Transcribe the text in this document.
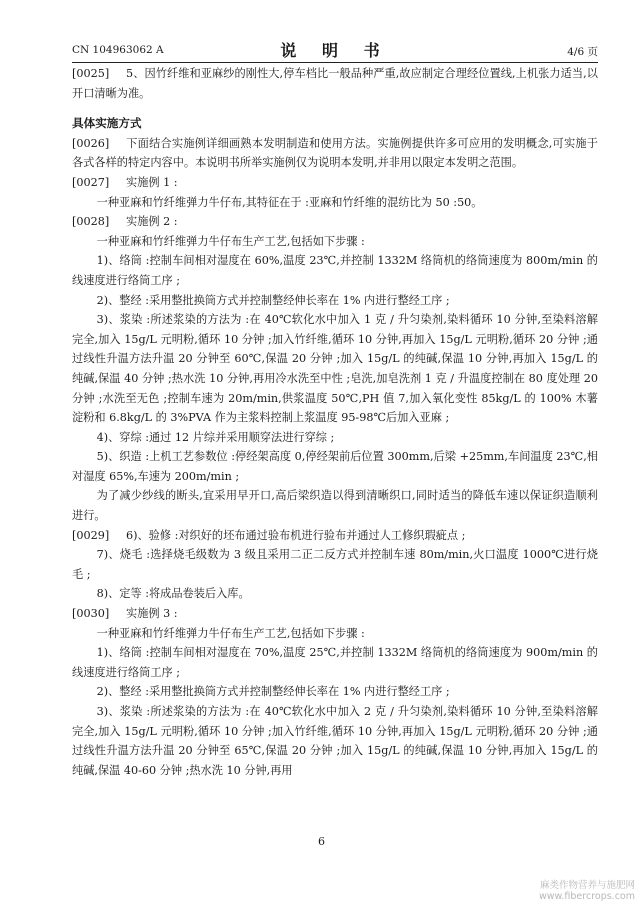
CN 104963062 A	说 明 书	4/6 页

[0025] 5、因竹纤维和亚麻纱的刚性大,停车档比一般品种严重,故应制定合理经位置线,上机张力适当,以开口清晰为准。

具体实施方式

[0026] 下面结合实施例详细画熟本发明制造和使用方法。实施例提供许多可应用的发明概念,可实施于各式各样的特定内容中。本说明书所举实施例仅为说明本发明,并非用以限定本发明之范围。

[0027] 实施例 1 :

一种亚麻和竹纤维弹力牛仔布,其特征在于 :亚麻和竹纤维的混纺比为 50 :50。

[0028] 实施例 2 :

一种亚麻和竹纤维弹力牛仔布生产工艺,包括如下步骤 :

1)、络筒 :控制车间相对湿度在 60%,温度 23℃,并控制 1332M 络筒机的络筒速度为 800m/min 的线速度进行络筒工序 ;

2)、整经 :采用整批换筒方式并控制整经伸长率在 1% 内进行整经工序 ;

3)、浆染 :所述浆染的方法为 :在 40℃软化水中加入 1 克 / 升匀染剂,染料循环 10 分钟,至染料溶解完全,加入 15g/L 元明粉,循环 10 分钟 ;加入竹纤维,循环 10 分钟,再加入 15g/L 元明粉,循环 20 分钟 ;通过线性升温方法升温 20 分钟至 60℃,保温 20 分钟 ;加入 15g/L 的纯碱,保温 10 分钟,再加入 15g/L 的纯碱,保温 40 分钟 ;热水洗 10 分钟,再用冷水洗至中性 ;皂洗,加皂洗剂 1 克 / 升温度控制在 80 度处理 20 分钟 ;水洗至无色 ;控制车速为 20m/min,供浆温度 50℃,PH 值 7,加入氧化变性 85kg/L 的 100% 木薯淀粉和 6.8kg/L 的 3%PVA 作为主浆料控制上浆温度 95-98℃后加入亚麻 ;

4)、穿综 :通过 12 片综并采用顺穿法进行穿综 ;

5)、织造 :上机工艺参数位 :停经架高度 0,停经架前后位置 300mm,后梁 +25mm,车间温度 23℃,相对湿度 65%,车速为 200m/min ;

为了减少纱线的断头,宜采用早开口,高后梁织造以得到清晰织口,同时适当的降低车速以保证织造顺利进行。

[0029] 6)、验修 :对织好的坯布通过验布机进行验布并通过人工修织瑕疵点 ;

7)、烧毛 :选择烧毛级数为 3 级且采用二正二反方式并控制车速 80m/min,火口温度 1000℃进行烧毛 ;

8)、定等 :将成品卷装后入库。

[0030] 实施例 3 :

一种亚麻和竹纤维弹力牛仔布生产工艺,包括如下步骤 :

1)、络筒 :控制车间相对湿度在 70%,温度 25℃,并控制 1332M 络筒机的络筒速度为 900m/min 的线速度进行络筒工序 ;

2)、整经 :采用整批换筒方式并控制整经伸长率在 1% 内进行整经工序 ;

3)、浆染 :所述浆染的方法为 :在 40℃软化水中加入 2 克 / 升匀染剂,染料循环 10 分钟,至染料溶解完全,加入 15g/L 元明粉,循环 10 分钟 ;加入竹纤维,循环 10 分钟,再加入 15g/L 元明粉,循环 20 分钟 ;通过线性升温方法升温 20 分钟至 65℃,保温 20 分钟 ;加入 15g/L 的纯碱,保温 10 分钟,再加入 15g/L 的纯碱,保温 40-60 分钟 ;热水洗 10 分钟,再用

6
麻类作物营养与施肥网
www.fibercrops.com
